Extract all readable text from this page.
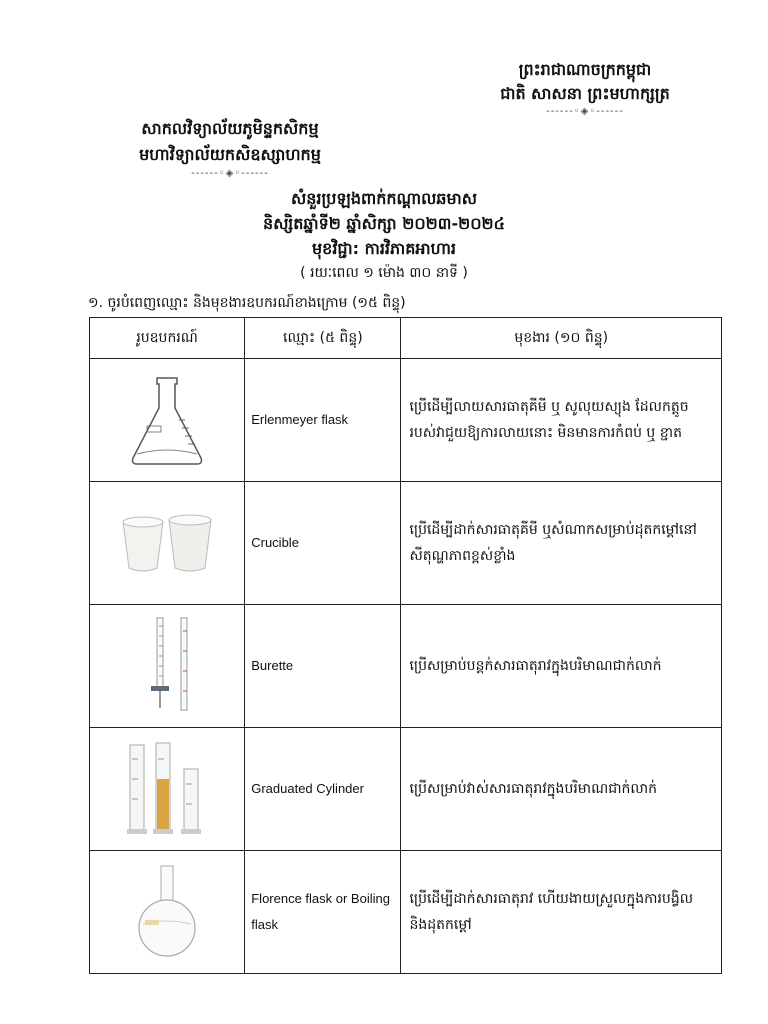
ព្រះរាជាណាចក្រកម្ពុជា
ជាតិ សាសនា ព្រះមហាក្សត្រ
------◦◈◦------
សាកលវិទ្យាល័យភូមិន្ទកសិកម្ម
មហាវិទ្យាល័យកសិឧស្សាហកម្ម
------◦◈◦------
សំនួរប្រឡងពាក់កណ្ដាលឆមាស
និស្សិតឆ្នាំទី២ ឆ្នាំសិក្សា ២០២៣-២០២៤
មុខវិជ្ជា: ការវិភាគអាហារ
( រយៈពេល ១ ម៉ោង ៣០ នាទី )
១. ចូរបំពេញឈ្មោះ និងមុខងារឧបករណ៍ខាងក្រោម (១៥ ពិន្ទុ)
រូបឧបករណ៍	ឈ្មោះ (៥ ពិន្ទុ)	មុខងារ (១០ ពិន្ទុ)

	Erlenmeyer flask	ប្រើដើម្បីលាយសារធាតុគីមី ឬ សូលុយស្យុង ដែលកត្តូច របស់វាជួយឱ្យការលាយនោះ មិនមានការកំពប់ ឬ ខ្ជាត

	Crucible	ប្រើដើម្បីដាក់សារធាតុគីមី ឬសំណាកសម្រាប់ដុតកម្ដៅនៅសីតុណ្ហភាពខ្ពស់ខ្លាំង

	Burette	ប្រើសម្រាប់បន្តក់សារធាតុរាវក្នុងបរិមាណជាក់លាក់

	Graduated Cylinder	ប្រើសម្រាប់វាស់សារធាតុរាវក្នុងបរិមាណជាក់លាក់

	Florence flask or Boiling flask	ប្រើដើម្បីដាក់សារធាតុរាវ ហើយងាយស្រួលក្នុងការបង្វិល និងដុតកម្ដៅ
